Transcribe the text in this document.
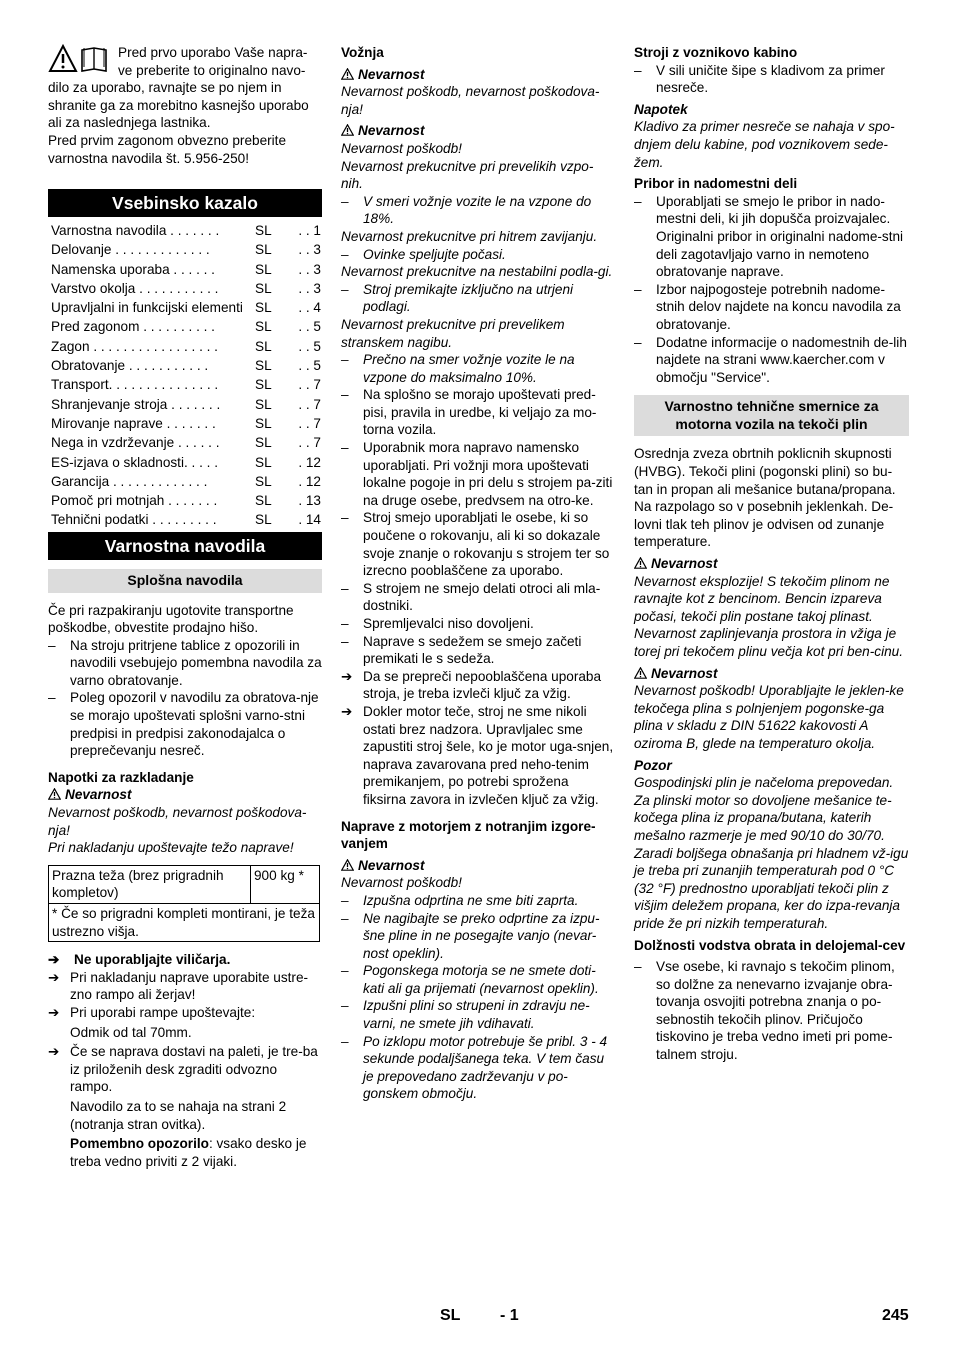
Pred prvo uporabo Vaše napra-

ve preberite to originalno navo-

dilo za uporabo, ravnajte se po njem in shranite ga za morebitno kasnejšo uporabo ali za naslednjega lastnika.

Pred prvim zagonom obvezno preberite varnostna navodila št. 5.956-250!

Vsebinsko kazalo
Varnostna navodila . . . . . . .	SL	. . 1
Delovanje . . . . . . . . . . . . .	SL	. . 3
Namenska uporaba . . . . . .	SL	. . 3
Varstvo okolja . . . . . . . . . . .	SL	. . 3
Upravljalni in funkcijski elementi	SL	. . 4
Pred zagonom . . . . . . . . . .	SL	. . 5
Zagon . . . . . . . . . . . . . . . . .	SL	. . 5
Obratovanje . . . . . . . . . . .	SL	. . 5
Transport. . . . . . . . . . . . . . .	SL	. . 7
Shranjevanje stroja . . . . . . .	SL	. . 7
Mirovanje naprave . . . . . . .	SL	. . 7
Nega in vzdrževanje . . . . . .	SL	. . 7
ES-izjava o skladnosti. . . . .	SL	. 12
Garancija . . . . . . . . . . . . .	SL	. 12
Pomoč pri motnjah . . . . . . .	SL	. 13
Tehnični podatki . . . . . . . . .	SL	. 14
Varnostna navodila
Splošna navodila

Če pri razpakiranju ugotovite transportne poškodbe, obvestite prodajno hišo.

– Na stroju pritrjene tablice z opozorili in navodili vsebujejo pomembna navodila za varno obratovanje.
– Poleg opozoril v navodilu za obratova-nje se morajo upoštevati splošni varno-stni predpisi in predpisi zakonodajalca o preprečevanju nesreč.

Napotki za razkladanje

Nevarnost

Nevarnost poškodb, nevarnost poškodova-nja!

Pri nakladanju upoštevajte težo naprave!

Prazna teža (brez prigradnih kompletov)	900 kg *
* Če so prigradni kompleti montirani, je teža ustrezno višja.
➔ Ne uporabljajte viličarja.
➔ Pri nakladanju naprave uporabite ustre-zno rampo ali žerjav!
➔ Pri uporabi rampe upoštevajte:

Odmik od tal 70mm.

➔ Če se naprava dostavi na paleti, je tre-ba iz priloženih desk zgraditi odvozno rampo.

Navodilo za to se nahaja na strani 2 (notranja stran ovitka).

Pomembno opozorilo: vsako desko je treba vedno priviti z 2 vijaki.

Vožnja

Nevarnost

Nevarnost poškodb, nevarnost poškodova-nja!

Nevarnost

Nevarnost poškodb!

Nevarnost prekucnitve pri prevelikih vzpo-nih.

– V smeri vožnje vozite le na vzpone do 18%.

Nevarnost prekucnitve pri hitrem zavijanju.

– Ovinke speljujte počasi.

Nevarnost prekucnitve na nestabilni podla-gi.

– Stroj premikajte izključno na utrjeni podlagi.

Nevarnost prekucnitve pri prevelikem stranskem nagibu.

– Prečno na smer vožnje vozite le na vzpone do maksimalno 10%.
– Na splošno se morajo upoštevati pred-pisi, pravila in uredbe, ki veljajo za mo-torna vozila.
– Uporabnik mora napravo namensko uporabljati. Pri vožnji mora upoštevati lokalne pogoje in pri delu s strojem pa-ziti na druge osebe, predvsem na otro-ke.
– Stroj smejo uporabljati le osebe, ki so poučene o rokovanju, ali ki so dokazale svoje znanje o rokovanju s strojem ter so izrecno pooblaščene za uporabo.
– S strojem ne smejo delati otroci ali mla-dostniki.
– Spremljevalci niso dovoljeni.
– Naprave s sedežem se smejo začeti premikati le s sedeža.
➔ Da se prepreči nepooblaščena uporaba stroja, je treba izvleči ključ za vžig.
➔ Dokler motor teče, stroj ne sme nikoli ostati brez nadzora. Upravljalec sme zapustiti stroj šele, ko je motor uga-snjen, naprava zavarovana pred neho-tenim premikanjem, po potrebi sprožena fiksirna zavora in izvlečen ključ za vžig.

Naprave z motorjem z notranjim izgore-vanjem

Nevarnost

Nevarnost poškodb!

– Izpušna odprtina ne sme biti zaprta.
– Ne nagibajte se preko odprtine za izpu-šne pline in ne posegajte vanjo (nevar-nost opeklin).
– Pogonskega motorja se ne smete doti-kati ali ga prijemati (nevarnost opeklin).
– Izpušni plini so strupeni in zdravju ne-varni, ne smete jih vdihavati.
– Po izklopu motor potrebuje še pribl. 3 - 4 sekunde podaljšanega teka. V tem času je prepovedano zadrževanju v po-gonskem območju.

Stroji z voznikovo kabino

– V sili uničite šipe s kladivom za primer nesreče.

Napotek

Kladivo za primer nesreče se nahaja v spo-dnjem delu kabine, pod voznikovem sede-žem.

Pribor in nadomestni deli

– Uporabljati se smejo le pribor in nado-mestni deli, ki jih dopušča proizvajalec. Originalni pribor in originalni nadome-stni deli zagotavljajo varno in nemoteno obratovanje naprave.
– Izbor najpogosteje potrebnih nadome-stnih delov najdete na koncu navodila za obratovanje.
– Dodatne informacije o nadomestnih de-lih najdete na strani www.kaercher.com v območju "Service".
Varnostno tehnične smernice za motorna vozila na tekoči plin

Osrednja zveza obrtnih poklicnih skupnosti (HVBG). Tekoči plini (pogonski plini) so bu-tan in propan ali mešanice butana/propana. Na razpolago so v posebnih jeklenkah. De-lovni tlak teh plinov je odvisen od zunanje temperature.

Nevarnost

Nevarnost eksplozije! S tekočim plinom ne ravnajte kot z bencinom. Bencin izpareva počasi, tekoči plin postane takoj plinast.

Nevarnost zaplinjevanja prostora in vžiga je torej pri tekočem plinu večja kot pri ben-cinu.

Nevarnost

Nevarnost poškodb! Uporabljajte le jeklen-ke tekočega plina s polnjenjem pogonske-ga plina v skladu z DIN 51622 kakovosti A oziroma B, glede na temperaturo okolja.

Pozor

Gospodinjski plin je načeloma prepovedan. Za plinski motor so dovoljene mešanice te-kočega plina iz propana/butana, katerih mešalno razmerje je med 90/10 do 30/70. Zaradi boljšega obnašanja pri hladnem vž-igu je treba pri zunanjih temperaturah pod 0 °C (32 °F) prednostno uporabljati tekoči plin z višjim deležem propana, ker do izpa-revanja pride že pri nizkih temperaturah.

Dolžnosti vodstva obrata in delojemal-cev

– Vse osebe, ki ravnajo s tekočim plinom, so dolžne za nenevarno izvajanje obra-tovanja osvojiti potrebna znanja o po-sebnostih tekočih plinov. Pričujočo tiskovino je treba vedno imeti pri pome-talnem stroju.
SL - 1	245
